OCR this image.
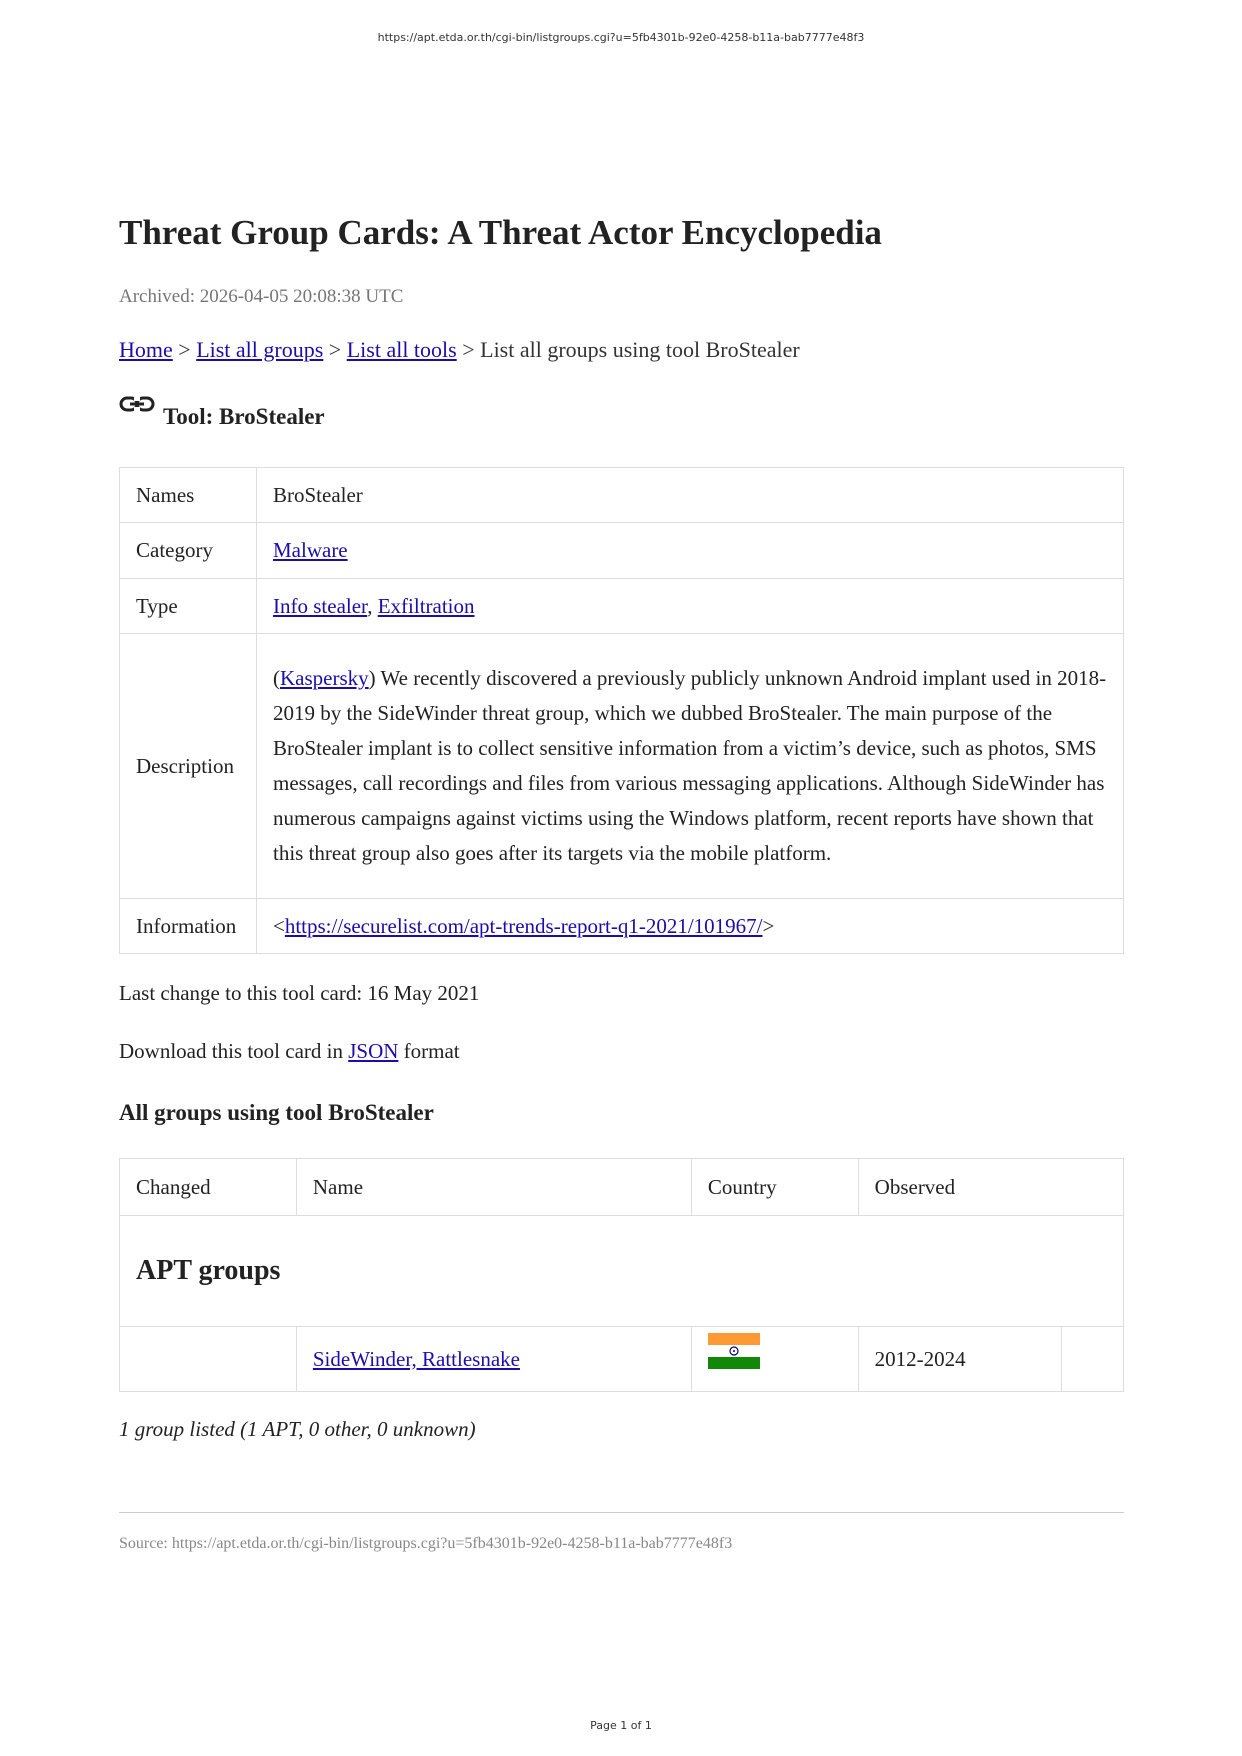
https://apt.etda.or.th/cgi-bin/listgroups.cgi?u=5fb4301b-92e0-4258-b11a-bab7777e48f3
Threat Group Cards: A Threat Actor Encyclopedia
Archived: 2026-04-05 20:08:38 UTC
Home > List all groups > List all tools > List all groups using tool BroStealer
Tool: BroStealer
Names	BroStealer
Category	Malware
Type	Info stealer, Exfiltration
Description	(Kaspersky) We recently discovered a previously publicly unknown Android implant used in 2018-2019 by the SideWinder threat group, which we dubbed BroStealer. The main purpose of the BroStealer implant is to collect sensitive information from a victim’s device, such as photos, SMS messages, call recordings and files from various messaging applications. Although SideWinder has numerous campaigns against victims using the Windows platform, recent reports have shown that this threat group also goes after its targets via the mobile platform.
Information	<https://securelist.com/apt-trends-report-q1-2021/101967/>
Last change to this tool card: 16 May 2021
Download this tool card in JSON format
All groups using tool BroStealer
Changed	Name	Country	Observed	
APT groups				
	SideWinder, Rattlesnake		2012-2024	
1 group listed (1 APT, 0 other, 0 unknown)
Source: https://apt.etda.or.th/cgi-bin/listgroups.cgi?u=5fb4301b-92e0-4258-b11a-bab7777e48f3
Page 1 of 1
